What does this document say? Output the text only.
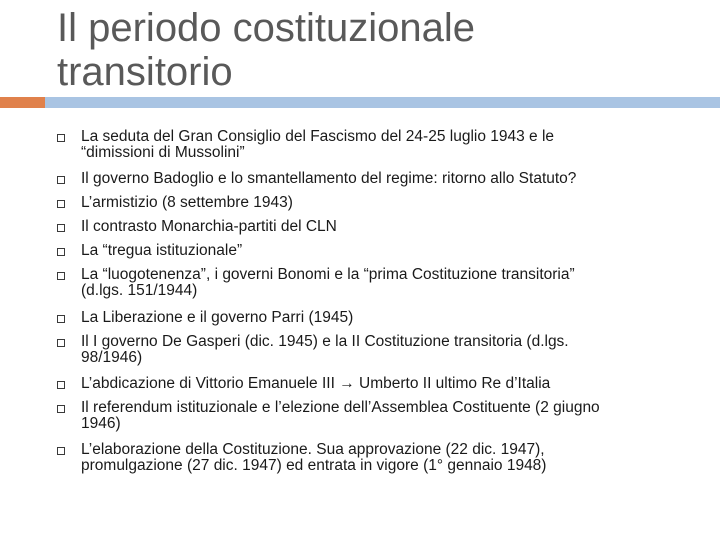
Il periodo costituzionale
transitorio
La seduta del Gran Consiglio del Fascismo del 24-25 luglio 1943 e le
“dimissioni di Mussolini”
Il governo Badoglio e lo smantellamento del regime: ritorno allo Statuto?
L’armistizio (8 settembre 1943)
Il contrasto Monarchia-partiti del CLN
La “tregua istituzionale”
La “luogotenenza”, i governi Bonomi e la “prima Costituzione transitoria”
(d.lgs. 151/1944)
La Liberazione e il governo Parri (1945)
Il I governo De Gasperi (dic. 1945) e la II Costituzione transitoria (d.lgs.
98/1946)
L’abdicazione di Vittorio Emanuele III → Umberto II ultimo Re d’Italia
Il referendum istituzionale e l’elezione dell’Assemblea Costituente (2 giugno
1946)
L’elaborazione della Costituzione. Sua approvazione (22 dic. 1947),
promulgazione (27 dic. 1947) ed entrata in vigore (1° gennaio 1948)
